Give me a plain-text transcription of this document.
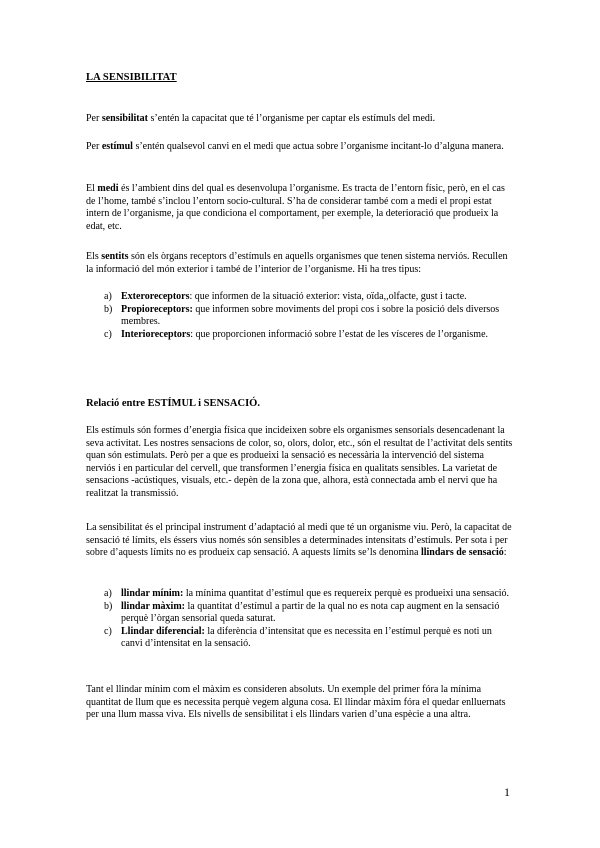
LA SENSIBILITAT
Per sensibilitat s’entén la capacitat que té l’organisme per captar els estímuls del medi.
Per estímul s’entén qualsevol canvi en el medi que actua sobre l’organisme incitant-lo d’alguna manera.
El medi és l’ambient dins del qual es desenvolupa l’organisme. Es tracta de l’entorn físic, però, en el cas de l’home, també s’inclou l’entorn socio-cultural. S’ha de considerar també com a medi el propi estat intern de l’organisme, ja que condiciona el comportament, per exemple, la deterioració que produeix la edat, etc.
Els sentits són els òrgans receptors d’estímuls en aquells organismes que tenen sistema nerviós. Recullen la informació del món exterior i també de l’interior de l’organisme. Hi ha tres tipus:
a) Exteroreceptors: que informen de la situació exterior: vista, oïda,,olfacte, gust i tacte.
b) Propioreceptors: que informen sobre moviments del propi cos i sobre la posició dels diversos membres.
c) Interioreceptors: que proporcionen informació sobre l’estat de les vísceres de l’organisme.
Relació entre ESTÍMUL i SENSACIÓ.
Els estímuls són formes d’energia física que incideixen sobre els organismes sensorials desencadenant la seva activitat. Les nostres sensacions de color, so, olors, dolor, etc., són el resultat de l’activitat dels sentits quan són estimulats. Però per a que es produeixi la sensació es necessària la intervenció del sistema nerviós i en particular del cervell, que transformen l’energia física en qualitats sensibles. La varietat de sensacions -acústiques, visuals, etc.- depèn de la zona que, alhora, està connectada amb el nervi que ha realitzat la transmissió.
La sensibilitat és el principal instrument d’adaptació al medi que té un organisme viu. Però, la capacitat de sensació té límits, els éssers vius només són sensibles a determinades intensitats d’estímuls. Per sota i per sobre d’aquests límits no es produeix cap sensació. A aquests límits se’ls denomina llindars de sensació:
a) llindar mínim: la mínima quantitat d’estímul que es requereix perquè es produeixi una sensació.
b) llindar màxim: la quantitat d’estímul a partir de la qual no es nota cap augment en la sensació perquè l’òrgan sensorial queda saturat.
c) Llindar diferencial: la diferència d’intensitat que es necessita en l’estímul perquè es noti un canvi d’intensitat en la sensació.
Tant el llindar mínim com el màxim es consideren absoluts. Un exemple del primer fóra la mínima quantitat de llum que es necessita perquè vegem alguna cosa. El llindar màxim fóra el quedar enlluernats per una llum massa viva. Els nivells de sensibilitat i els llindars varien d’una espècie a una altra.
1
